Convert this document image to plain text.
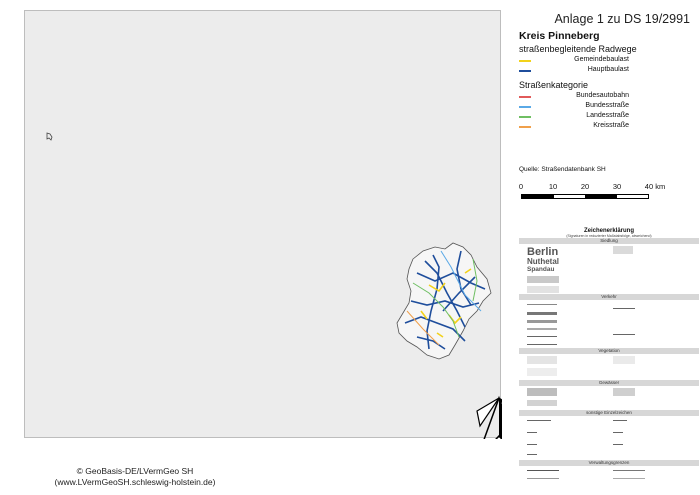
© GeoBasis-DE/LVermGeo SH
(www.LVermGeoSH.schleswig-holstein.de)
Anlage 1 zu DS 19/2991
Kreis Pinneberg
straßenbegleitende Radwege
Gemeindebaulast
Hauptbaulast
Straßenkategorie
Bundesautobahn
Bundesstraße
Landesstraße
Kreisstraße
Quelle: Straßendatenbank SH
0	10	20	30	40 km
Zeichenerklärung
(Signaturen in reduzierter Maßstabsfolge, abweichend)
Siedlung
Berlin
Nuthetal
Spandau
Verkehr
Vegetation
Gewässer
sonstige Einzelzeichen
Verwaltungsgrenzen
